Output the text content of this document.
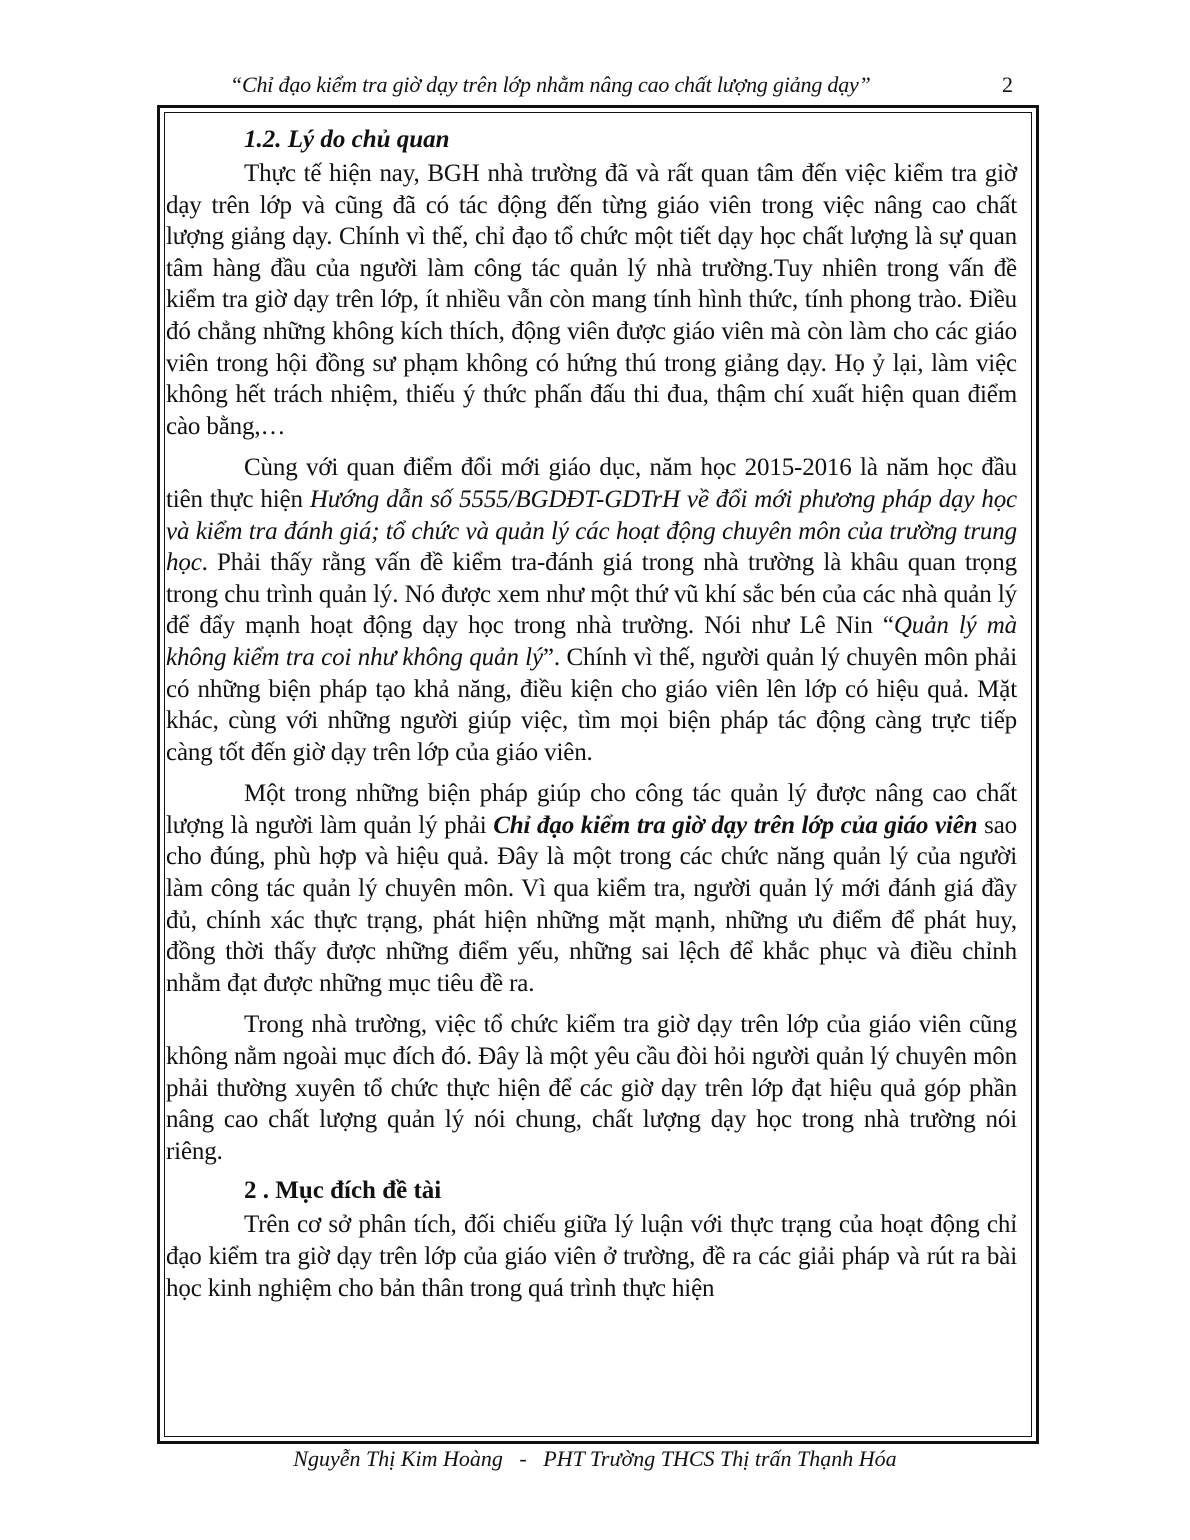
“Chỉ đạo kiểm tra giờ dạy trên lớp nhằm nâng cao chất lượng giảng dạy”	2
1.2. Lý do chủ quan

Thực tế hiện nay, BGH nhà trường đã và rất quan tâm đến việc kiểm tra giờ dạy trên lớp và cũng đã có tác động đến từng giáo viên trong việc nâng cao chất lượng giảng dạy. Chính vì thế, chỉ đạo tổ chức một tiết dạy học chất lượng là sự quan tâm hàng đầu của người làm công tác quản lý nhà trường.Tuy nhiên trong vấn đề kiểm tra giờ dạy trên lớp, ít nhiều vẫn còn mang tính hình thức, tính phong trào. Điều đó chẳng những không kích thích, động viên được giáo viên mà còn làm cho các giáo viên trong hội đồng sư phạm không có hứng thú trong giảng dạy. Họ ỷ lại, làm việc không hết trách nhiệm, thiếu ý thức phấn đấu thi đua, thậm chí xuất hiện quan điểm cào bằng,…

Cùng với quan điểm đổi mới giáo dục, năm học 2015-2016 là năm học đầu tiên thực hiện Hướng dẫn số 5555/BGDĐT-GDTrH về đổi mới phương pháp dạy học và kiểm tra đánh giá; tổ chức và quản lý các hoạt động chuyên môn của trường trung học. Phải thấy rằng vấn đề kiểm tra-đánh giá trong nhà trường là khâu quan trọng trong chu trình quản lý. Nó được xem như một thứ vũ khí sắc bén của các nhà quản lý để đẩy mạnh hoạt động dạy học trong nhà trường. Nói như Lê Nin “Quản lý mà không kiểm tra coi như không quản lý”. Chính vì thế, người quản lý chuyên môn phải có những biện pháp tạo khả năng, điều kiện cho giáo viên lên lớp có hiệu quả. Mặt khác, cùng với những người giúp việc, tìm mọi biện pháp tác động càng trực tiếp càng tốt đến giờ dạy trên lớp của giáo viên.

Một trong những biện pháp giúp cho công tác quản lý được nâng cao chất lượng là người làm quản lý phải Chỉ đạo kiểm tra giờ dạy trên lớp của giáo viên sao cho đúng, phù hợp và hiệu quả. Đây là một trong các chức năng quản lý của người làm công tác quản lý chuyên môn. Vì qua kiểm tra, người quản lý mới đánh giá đầy đủ, chính xác thực trạng, phát hiện những mặt mạnh, những ưu điểm để phát huy, đồng thời thấy được những điểm yếu, những sai lệch để khắc phục và điều chỉnh nhằm đạt được những mục tiêu đề ra.

Trong nhà trường, việc tổ chức kiểm tra giờ dạy trên lớp của giáo viên cũng không nằm ngoài mục đích đó. Đây là một yêu cầu đòi hỏi người quản lý chuyên môn phải thường xuyên tổ chức thực hiện để các giờ dạy trên lớp đạt hiệu quả góp phần nâng cao chất lượng quản lý nói chung, chất lượng dạy học trong nhà trường nói riêng.

2 . Mục đích đề tài

Trên cơ sở phân tích, đối chiếu giữa lý luận với thực trạng của hoạt động chỉ đạo kiểm tra giờ dạy trên lớp của giáo viên ở trường, đề ra các giải pháp và rút ra bài học kinh nghiệm cho bản thân trong quá trình thực hiện

Nguyễn Thị Kim Hoàng   -   PHT Trường THCS Thị trấn Thạnh Hóa
